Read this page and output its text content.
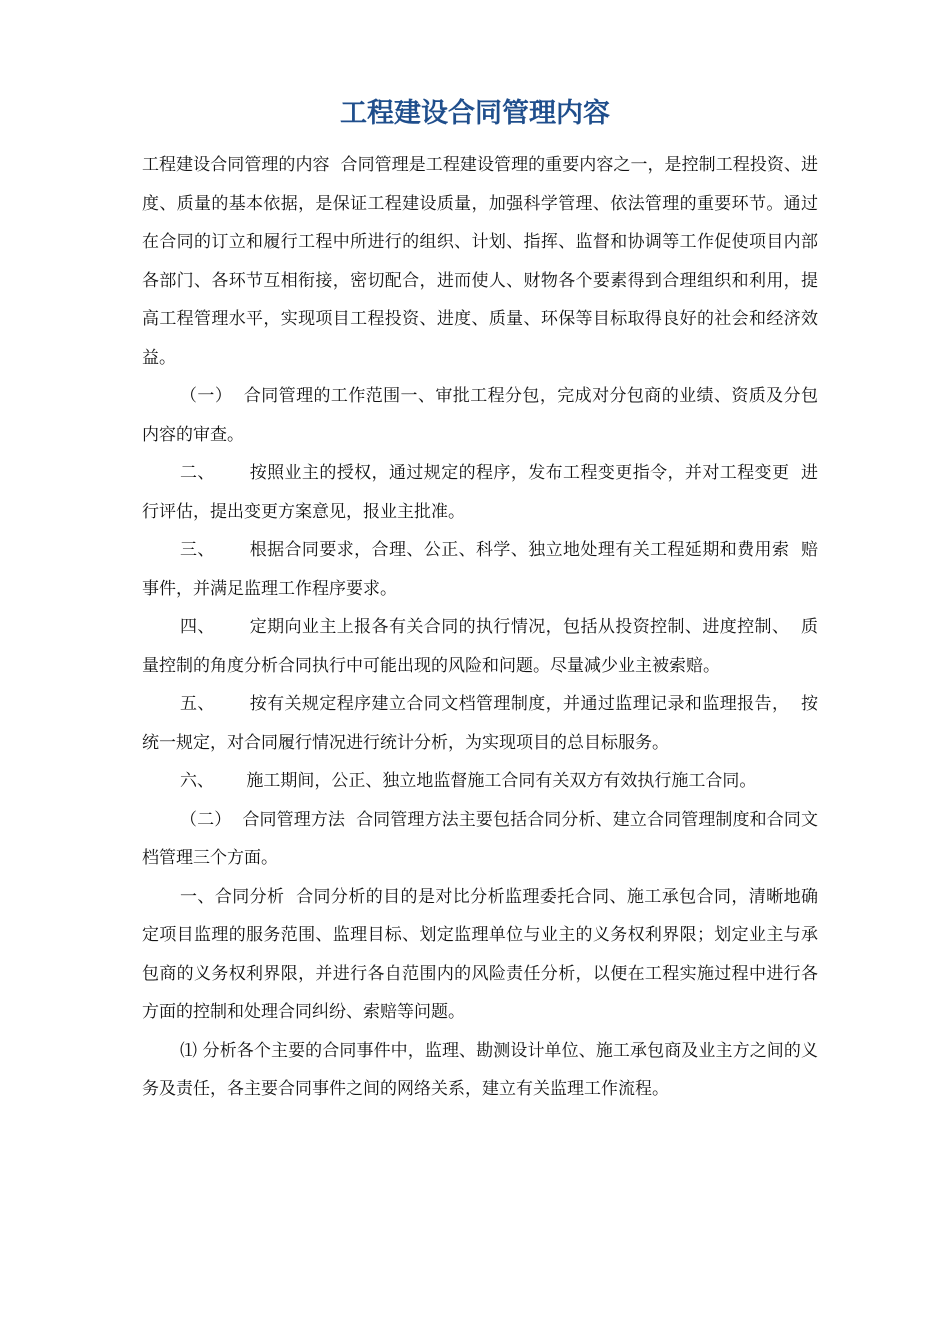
工程建设合同管理内容

工程建设合同管理的内容  合同管理是工程建设管理的重要内容之一，是控制工程投资、进度、质量的基本依据，是保证工程建设质量，加强科学管理、依法管理的重要环节。通过在合同的订立和履行工程中所进行的组织、计划、指挥、监督和协调等工作促使项目内部各部门、各环节互相衔接，密切配合，进而使人、财物各个要素得到合理组织和利用，提高工程管理水平，实现项目工程投资、进度、质量、环保等目标取得良好的社会和经济效益。

（一）  合同管理的工作范围一、审批工程分包，完成对分包商的业绩、资质及分包内容的审查。

二、      按照业主的授权，通过规定的程序，发布工程变更指令，并对工程变更  进行评估，提出变更方案意见，报业主批准。

三、      根据合同要求，合理、公正、科学、独立地处理有关工程延期和费用索  赔事件，并满足监理工作程序要求。

四、      定期向业主上报各有关合同的执行情况，包括从投资控制、进度控制、  质量控制的角度分析合同执行中可能出现的风险和问题。尽量减少业主被索赔。

五、      按有关规定程序建立合同文档管理制度，并通过监理记录和监理报告，  按统一规定，对合同履行情况进行统计分析，为实现项目的总目标服务。

六、      施工期间，公正、独立地监督施工合同有关双方有效执行施工合同。

（二）  合同管理方法  合同管理方法主要包括合同分析、建立合同管理制度和合同文档管理三个方面。

一、合同分析  合同分析的目的是对比分析监理委托合同、施工承包合同，清晰地确定项目监理的服务范围、监理目标、划定监理单位与业主的义务权利界限；划定业主与承包商的义务权利界限，并进行各自范围内的风险责任分析，以便在工程实施过程中进行各方面的控制和处理合同纠纷、索赔等问题。

⑴ 分析各个主要的合同事件中，监理、勘测设计单位、施工承包商及业主方之间的义务及责任，各主要合同事件之间的网络关系，建立有关监理工作流程。
